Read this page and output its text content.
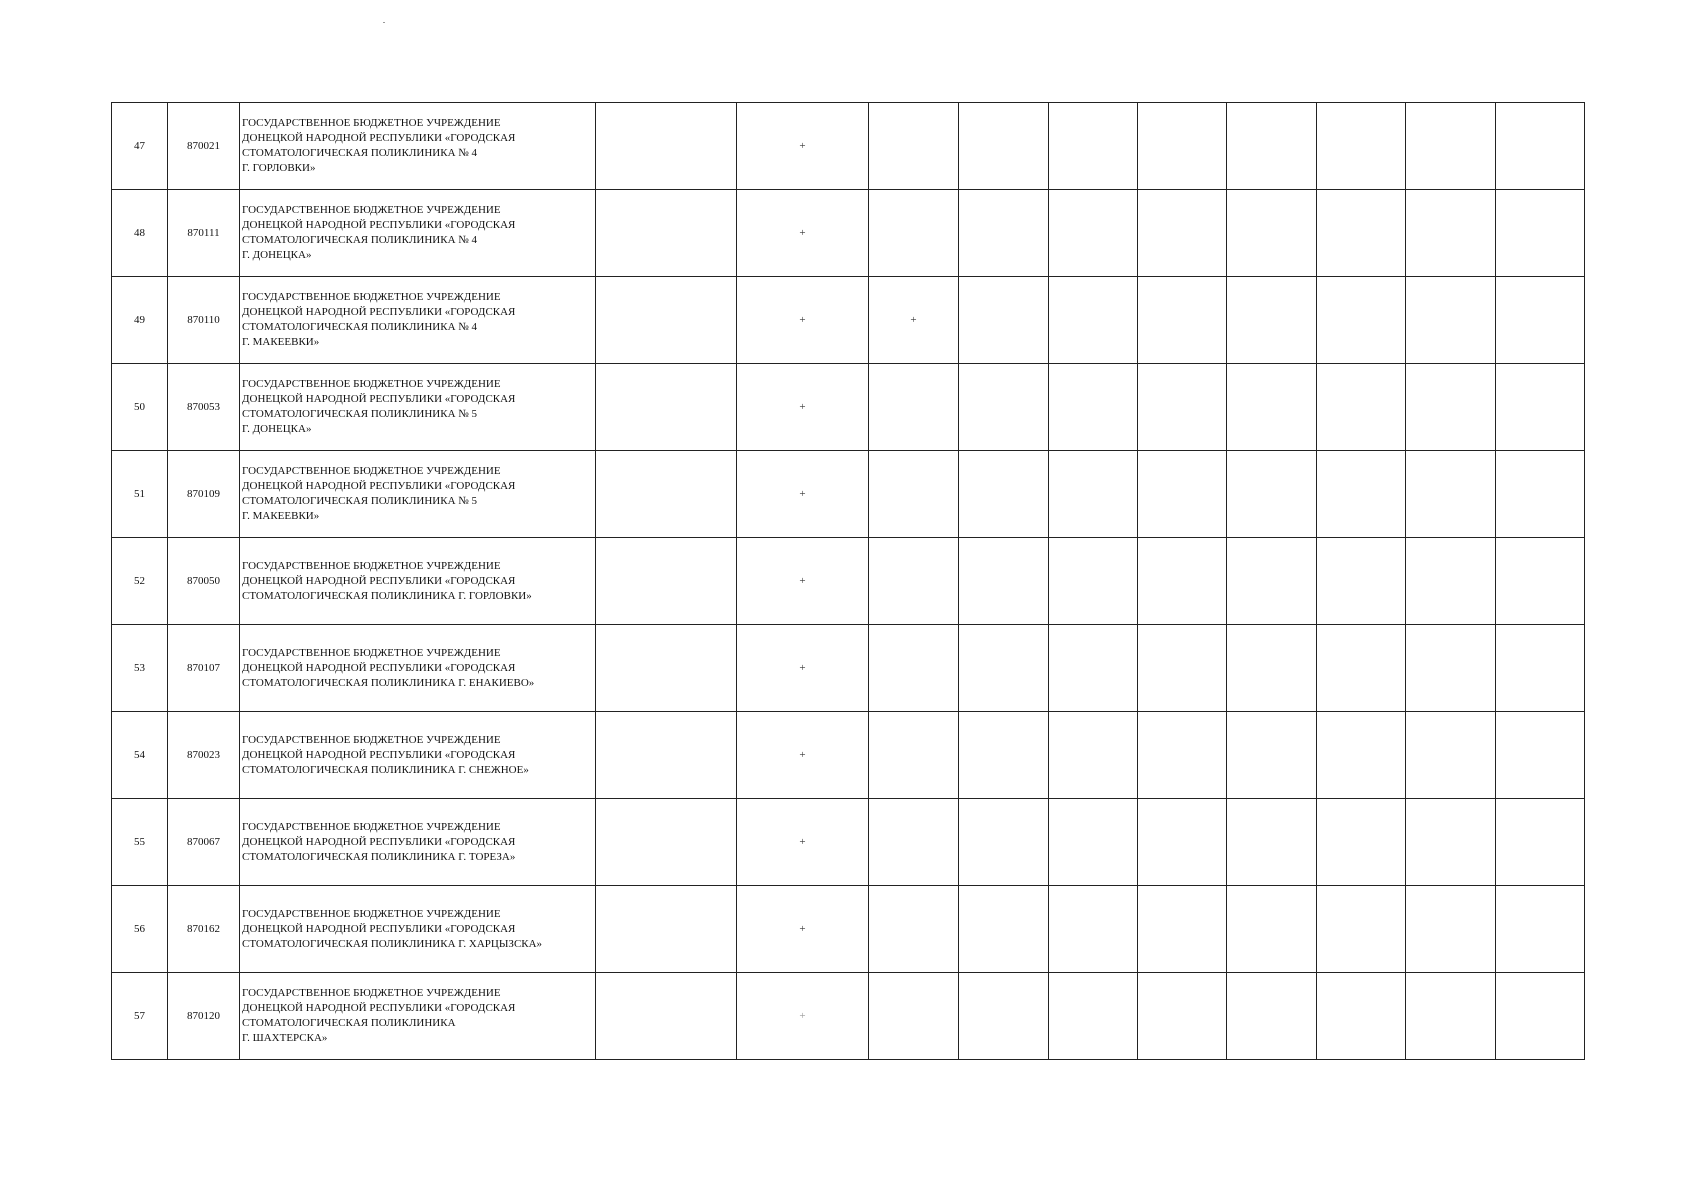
47	870021	ГОСУДАРСТВЕННОЕ БЮДЖЕТНОЕ УЧРЕЖДЕНИЕ
ДОНЕЦКОЙ НАРОДНОЙ РЕСПУБЛИКИ «ГОРОДСКАЯ
СТОМАТОЛОГИЧЕСКАЯ ПОЛИКЛИНИКА № 4
Г. ГОРЛОВКИ»		+								
48	870111	ГОСУДАРСТВЕННОЕ БЮДЖЕТНОЕ УЧРЕЖДЕНИЕ
ДОНЕЦКОЙ НАРОДНОЙ РЕСПУБЛИКИ «ГОРОДСКАЯ
СТОМАТОЛОГИЧЕСКАЯ ПОЛИКЛИНИКА № 4
Г. ДОНЕЦКА»		+								
49	870110	ГОСУДАРСТВЕННОЕ БЮДЖЕТНОЕ УЧРЕЖДЕНИЕ
ДОНЕЦКОЙ НАРОДНОЙ РЕСПУБЛИКИ «ГОРОДСКАЯ
СТОМАТОЛОГИЧЕСКАЯ ПОЛИКЛИНИКА № 4
Г. МАКЕЕВКИ»		+	+							
50	870053	ГОСУДАРСТВЕННОЕ БЮДЖЕТНОЕ УЧРЕЖДЕНИЕ
ДОНЕЦКОЙ НАРОДНОЙ РЕСПУБЛИКИ «ГОРОДСКАЯ
СТОМАТОЛОГИЧЕСКАЯ ПОЛИКЛИНИКА № 5
Г. ДОНЕЦКА»		+								
51	870109	ГОСУДАРСТВЕННОЕ БЮДЖЕТНОЕ УЧРЕЖДЕНИЕ
ДОНЕЦКОЙ НАРОДНОЙ РЕСПУБЛИКИ «ГОРОДСКАЯ
СТОМАТОЛОГИЧЕСКАЯ ПОЛИКЛИНИКА № 5
Г. МАКЕЕВКИ»		+								
52	870050	ГОСУДАРСТВЕННОЕ БЮДЖЕТНОЕ УЧРЕЖДЕНИЕ
ДОНЕЦКОЙ НАРОДНОЙ РЕСПУБЛИКИ «ГОРОДСКАЯ
СТОМАТОЛОГИЧЕСКАЯ ПОЛИКЛИНИКА Г. ГОРЛОВКИ»		+								
53	870107	ГОСУДАРСТВЕННОЕ БЮДЖЕТНОЕ УЧРЕЖДЕНИЕ
ДОНЕЦКОЙ НАРОДНОЙ РЕСПУБЛИКИ «ГОРОДСКАЯ
СТОМАТОЛОГИЧЕСКАЯ ПОЛИКЛИНИКА Г. ЕНАКИЕВО»		+								
54	870023	ГОСУДАРСТВЕННОЕ БЮДЖЕТНОЕ УЧРЕЖДЕНИЕ
ДОНЕЦКОЙ НАРОДНОЙ РЕСПУБЛИКИ «ГОРОДСКАЯ
СТОМАТОЛОГИЧЕСКАЯ ПОЛИКЛИНИКА Г. СНЕЖНОЕ»		+								
55	870067	ГОСУДАРСТВЕННОЕ БЮДЖЕТНОЕ УЧРЕЖДЕНИЕ
ДОНЕЦКОЙ НАРОДНОЙ РЕСПУБЛИКИ «ГОРОДСКАЯ
СТОМАТОЛОГИЧЕСКАЯ ПОЛИКЛИНИКА Г. ТОРЕЗА»		+								
56	870162	ГОСУДАРСТВЕННОЕ БЮДЖЕТНОЕ УЧРЕЖДЕНИЕ
ДОНЕЦКОЙ НАРОДНОЙ РЕСПУБЛИКИ «ГОРОДСКАЯ
СТОМАТОЛОГИЧЕСКАЯ ПОЛИКЛИНИКА Г. ХАРЦЫЗСКА»		+								
57	870120	ГОСУДАРСТВЕННОЕ БЮДЖЕТНОЕ УЧРЕЖДЕНИЕ
ДОНЕЦКОЙ НАРОДНОЙ РЕСПУБЛИКИ «ГОРОДСКАЯ
СТОМАТОЛОГИЧЕСКАЯ ПОЛИКЛИНИКА
Г. ШАХТЕРСКА»		+								
